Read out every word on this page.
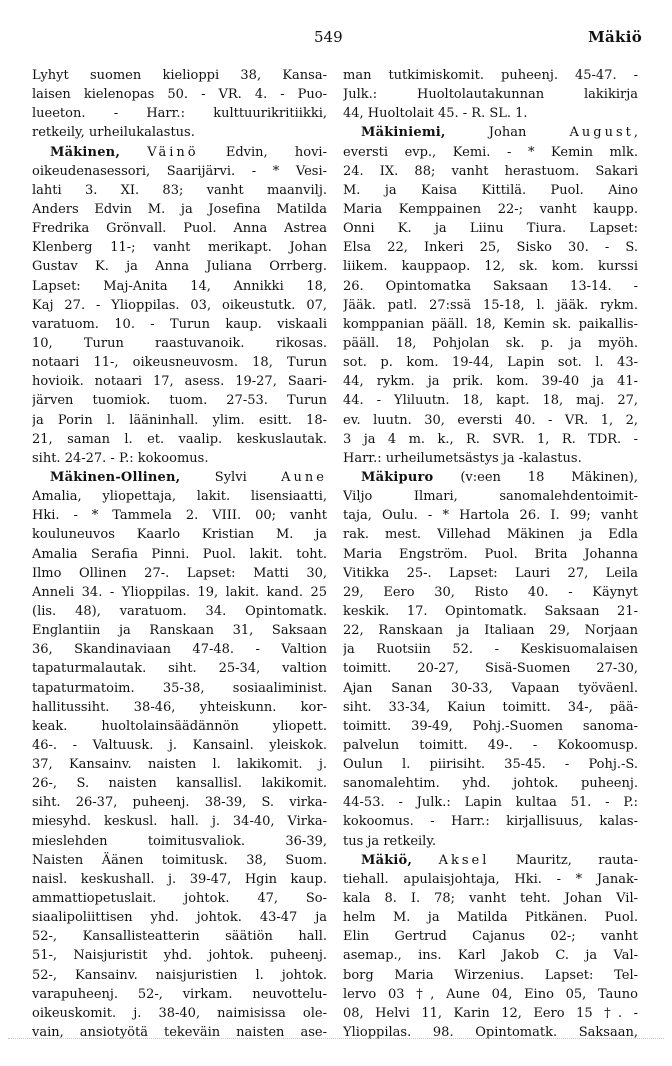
549	Mäkiö
Lyhyt suomen kielioppi 38, Kansa-
laisen kielenopas 50. - VR. 4. - Puo-
lueeton. - Harr.: kulttuurikritiikki,
retkeily, urheilukalastus.
Mäkinen, Väinö Edvin, hovi-
oikeudenasessori, Saarijärvi. - * Vesi-
lahti 3. XI. 83; vanht maanvilj.
Anders Edvin M. ja Josefina Matilda
Fredrika Grönvall. Puol. Anna Astrea
Klenberg 11-; vanht merikapt. Johan
Gustav K. ja Anna Juliana Orrberg.
Lapset: Maj-Anita 14, Annikki 18,
Kaj 27. - Ylioppilas. 03, oikeustutk. 07,
varatuom. 10. - Turun kaup. viskaali
10, Turun raastuvanoik. rikosas.
notaari 11-, oikeusneuvosm. 18, Turun
hovioik. notaari 17, asess. 19-27, Saari-
järven tuomiok. tuom. 27-53. Turun
ja Porin l. lääninhall. ylim. esitt. 18-
21, saman l. et. vaalip. keskuslautak.
siht. 24-27. - P.: kokoomus.
Mäkinen-Ollinen, Sylvi Aune
Amalia, yliopettaja, lakit. lisensiaatti,
Hki. - * Tammela 2. VIII. 00; vanht
kouluneuvos Kaarlo Kristian M. ja
Amalia Serafia Pinni. Puol. lakit. toht.
Ilmo Ollinen 27-. Lapset: Matti 30,
Anneli 34. - Ylioppilas. 19, lakit. kand. 25
(lis. 48), varatuom. 34. Opintomatk.
Englantiin ja Ranskaan 31, Saksaan
36, Skandinaviaan 47-48. - Valtion
tapaturmalautak. siht. 25-34, valtion
tapaturmatoim. 35-38, sosiaaliminist.
hallitussiht. 38-46, yhteiskunn. kor-
keak. huoltolainsäädännön yliopett.
46-. - Valtuusk. j. Kansainl. yleiskok.
37, Kansainv. naisten l. lakikomit. j.
26-, S. naisten kansallisl. lakikomit.
siht. 26-37, puheenj. 38-39, S. virka-
miesyhd. keskusl. hall. j. 34-40, Virka-
mieslehden toimitusvaliok. 36-39,
Naisten Äänen toimitusk. 38, Suom.
naisl. keskushall. j. 39-47, Hgin kaup.
ammattiopetuslait. johtok. 47, So-
siaalipoliittisen yhd. johtok. 43-47 ja
52-, Kansallisteatterin säätiön hall.
51-, Naisjuristit yhd. johtok. puheenj.
52-, Kansainv. naisjuristien l. johtok.
varapuheenj. 52-, virkam. neuvottelu-
oikeuskomit. j. 38-40, naimisissa ole-
vain, ansiotyötä tekeväin naisten ase-
man tutkimiskomit. puheenj. 45-47. -
Julk.: Huoltolautakunnan lakikirja
44, Huoltolait 45. - R. SL. 1.
Mäkiniemi, Johan August,
eversti evp., Kemi. - * Kemin mlk.
24. IX. 88; vanht herastuom. Sakari
M. ja Kaisa Kittilä. Puol. Aino
Maria Kemppainen 22-; vanht kaupp.
Onni K. ja Liinu Tiura. Lapset:
Elsa 22, Inkeri 25, Sisko 30. - S.
liikem. kauppaop. 12, sk. kom. kurssi
26. Opintomatka Saksaan 13-14. -
Jääk. patl. 27:ssä 15-18, l. jääk. rykm.
komppanian pääll. 18, Kemin sk. paikallis-
pääll. 18, Pohjolan sk. p. ja myöh.
sot. p. kom. 19-44, Lapin sot. l. 43-
44, rykm. ja prik. kom. 39-40 ja 41-
44. - Yliluutn. 18, kapt. 18, maj. 27,
ev. luutn. 30, eversti 40. - VR. 1, 2,
3 ja 4 m. k., R. SVR. 1, R. TDR. -
Harr.: urheilumetsästys ja -kalastus.
Mäkipuro (v:een 18 Mäkinen),
Viljo Ilmari, sanomalehdentoimit-
taja, Oulu. - * Hartola 26. I. 99; vanht
rak. mest. Villehad Mäkinen ja Edla
Maria Engström. Puol. Brita Johanna
Vitikka 25-. Lapset: Lauri 27, Leila
29, Eero 30, Risto 40. - Käynyt
keskik. 17. Opintomatk. Saksaan 21-
22, Ranskaan ja Italiaan 29, Norjaan
ja Ruotsiin 52. - Keskisuomalaisen
toimitt. 20-27, Sisä-Suomen 27-30,
Ajan Sanan 30-33, Vapaan työväenl.
siht. 33-34, Kaiun toimitt. 34-, pää-
toimitt. 39-49, Pohj.-Suomen sanoma-
palvelun toimitt. 49-. - Kokoomusp.
Oulun l. piirisiht. 35-45. - Pohj.-S.
sanomalehtim. yhd. johtok. puheenj.
44-53. - Julk.: Lapin kultaa 51. - P.:
kokoomus. - Harr.: kirjallisuus, kalas-
tus ja retkeily.
Mäkiö, Aksel Mauritz, rauta-
tiehall. apulaisjohtaja, Hki. - * Janak-
kala 8. I. 78; vanht teht. Johan Vil-
helm M. ja Matilda Pitkänen. Puol.
Elin Gertrud Cajanus 02-; vanht
asemap., ins. Karl Jakob C. ja Val-
borg Maria Wirzenius. Lapset: Tel-
lervo 03 †, Aune 04, Eino 05, Tauno
08, Helvi 11, Karin 12, Eero 15 †. -
Ylioppilas. 98. Opintomatk. Saksaan,
